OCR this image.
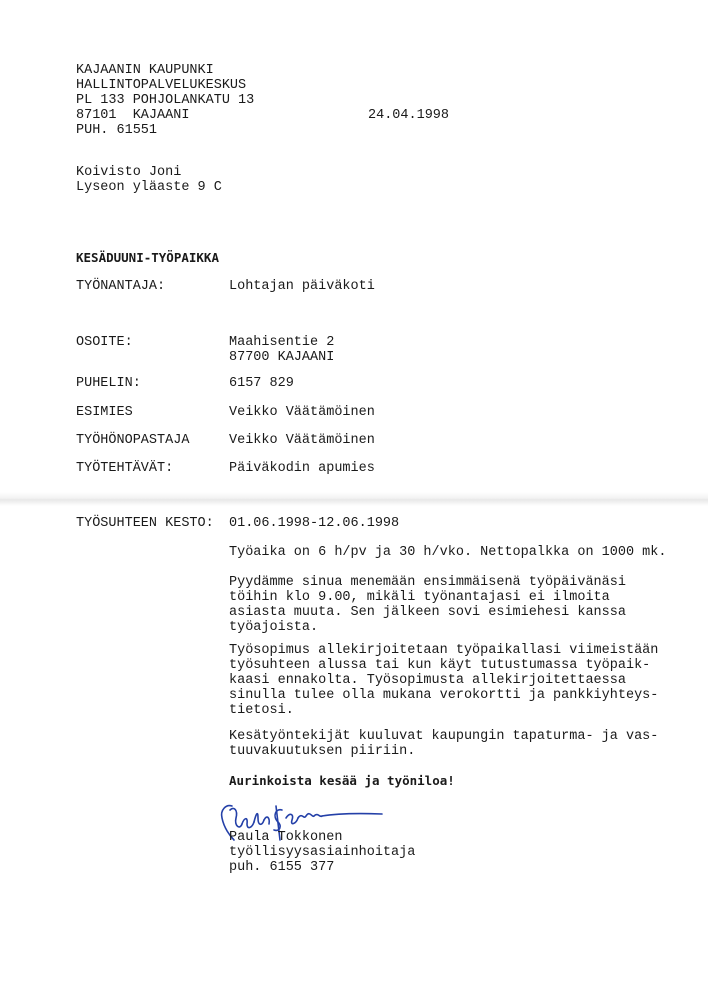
KAJAANIN KAUPUNKI
HALLINTOPALVELUKESKUS
PL 133 POHJOLANKATU 13
87101  KAJAANI
PUH. 61551
24.04.1998
Koivisto Joni
Lyseon yläaste 9 C
KESÄDUUNI-TYÖPAIKKA
TYÖNANTAJA:	Lohtajan päiväkoti
OSOITE:	Maahisentie 2
87700 KAJAANI
PUHELIN:	6157 829
ESIMIES	Veikko Väätämöinen
TYÖHÖNOPASTAJA	Veikko Väätämöinen
TYÖTEHTÄVÄT:	Päiväkodin apumies
TYÖSUHTEEN KESTO: 01.06.1998-12.06.1998
Työaika on 6 h/pv ja 30 h/vko. Nettopalkka on 1000 mk.
Pyydämme sinua menemään ensimmäisenä työpäivänäsi
töihin klo 9.00, mikäli työnantajasi ei ilmoita
asiasta muuta. Sen jälkeen sovi esimiehesi kanssa
työajoista.
Työsopimus allekirjoitetaan työpaikallasi viimeistään
työsuhteen alussa tai kun käyt tutustumassa työpaik-
kaasi ennakolta. Työsopimusta allekirjoitettaessa
sinulla tulee olla mukana verokortti ja pankkiyhteys-
tietosi.
Kesätyöntekijät kuuluvat kaupungin tapaturma- ja vas-
tuuvakuutuksen piiriin.
Aurinkoista kesää ja työniloa!
Paula Tokkonen
työllisyysasiainhoitaja
puh. 6155 377
